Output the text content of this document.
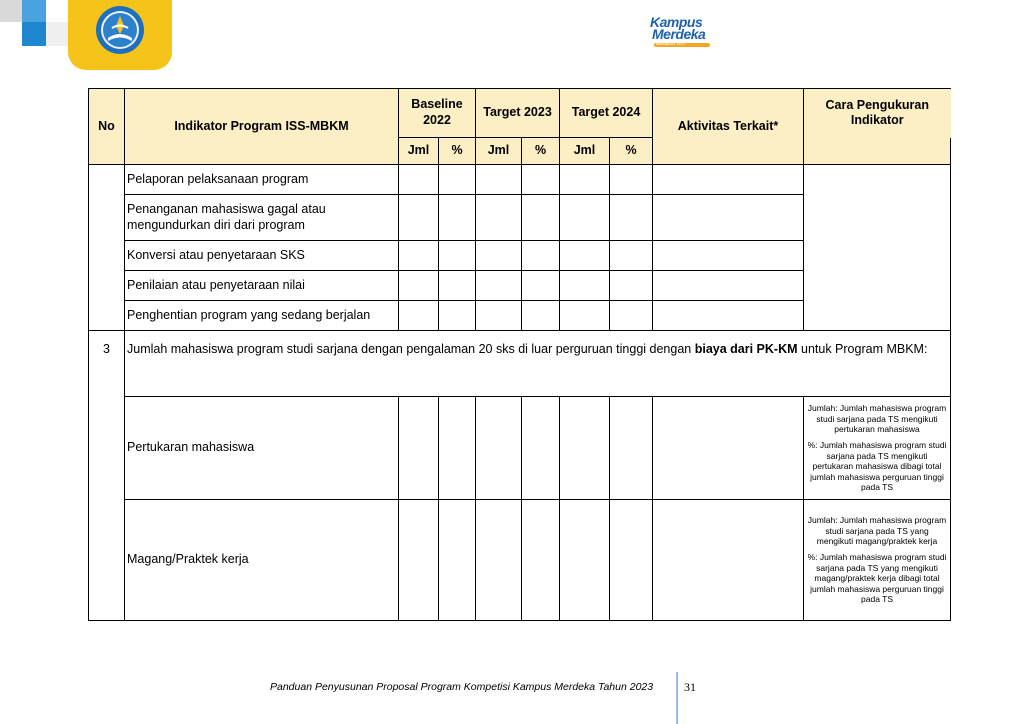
Kampus
Merdeka
INDONESIA JAYA
No	Indikator Program ISS-MBKM	Baseline 2022		Target 2023		Target 2024		Aktivitas Terkait*	Cara Pengukuran Indikator
		Jml	%	Jml	%	Jml	%		
	Pelaporan pelaksanaan program								
	Penanganan mahasiswa gagal atau mengundurkan diri dari program								
	Konversi atau penyetaraan SKS								
	Penilaian atau penyetaraan nilai								
	Penghentian program yang sedang berjalan								
3	Jumlah mahasiswa program studi sarjana dengan pengalaman 20 sks di luar perguruan tinggi dengan biaya dari PK-KM untuk Program MBKM:								
	Pertukaran mahasiswa								Jumlah: Jumlah mahasiswa program studi sarjana pada TS mengikuti pertukaran mahasiswa

%: Jumlah mahasiswa program studi sarjana pada TS mengikuti pertukaran mahasiswa dibagi total jumlah mahasiswa perguruan tinggi pada TS

	Magang/Praktek kerja								Jumlah: Jumlah mahasiswa program studi sarjana pada TS yang mengikuti magang/praktek kerja

%: Jumlah mahasiswa program studi sarjana pada TS yang mengikuti magang/praktek kerja dibagi total jumlah mahasiswa perguruan tinggi pada TS

Panduan Penyusunan Proposal Program Kompetisi Kampus Merdeka Tahun 2023	31
